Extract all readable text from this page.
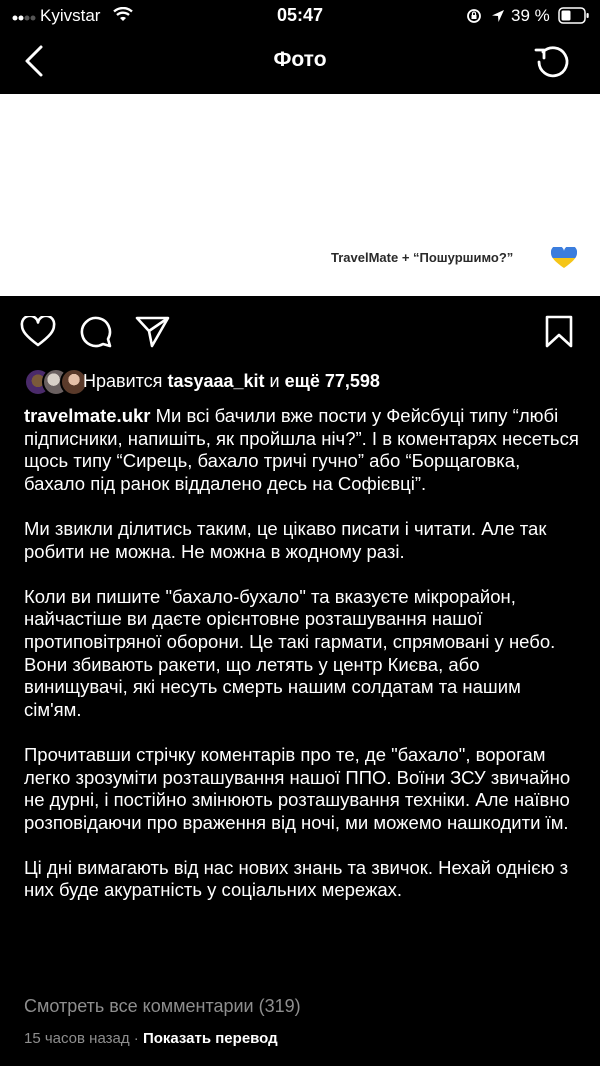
Kyivstar	05:47	39 %
Фото
TravelMate + “Пошуршимо?”
Нравится tasyaaa_kit и ещё 77,598

travelmate.ukr Ми всі бачили вже пости у Фейсбуці типу “любі підписники, напишіть, як пройшла ніч?”. І в коментарях несеться щось типу “Сирець, бахало тричі гучно” або “Борщаговка, бахало під ранок віддалено десь на Софієвці”.

Ми звикли ділитись таким, це цікаво писати і читати. Але так робити не можна. Не можна в жодному разі.

Коли ви пишите "бахало-бухало" та вказуєте мікрорайон, найчастіше ви даєте орієнтовне розташування нашої протиповітряної оборони. Це такі гармати, спрямовані у небо. Вони збивають ракети, що летять у центр Києва, або винищувачі, які несуть смерть нашим солдатам та нашим сім'ям.

Прочитавши стрічку коментарів про те, де "бахало", ворогам легко зрозуміти розташування нашої ППО. Воїни ЗСУ звичайно не дурні, і постійно змінюють розташування техніки. Але наївно розповідаючи про враження від ночі, ми можемо нашкодити їм.

Ці дні вимагають від нас нових знань та звичок. Нехай однією з них буде акуратність у соціальних мережах.

Смотреть все комментарии (319)
15 часов назад · Показать перевод
